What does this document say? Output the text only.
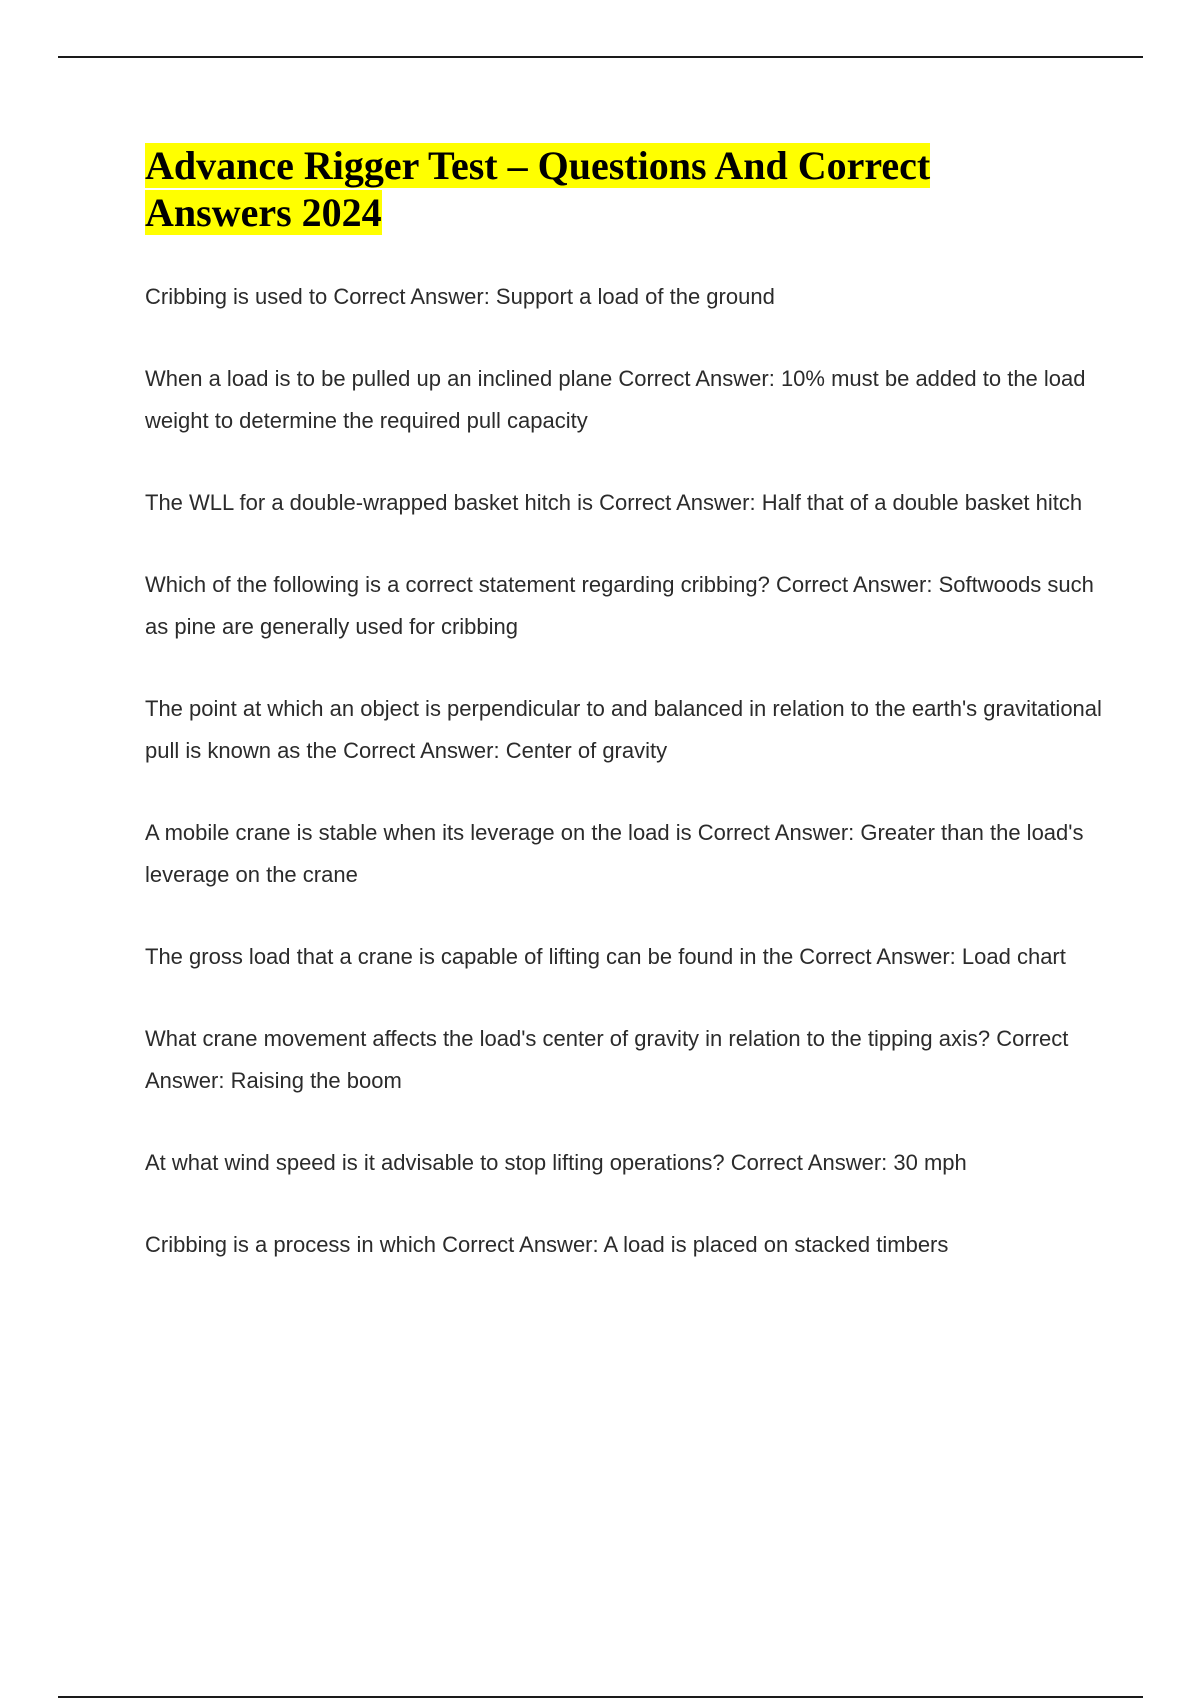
Advance Rigger Test – Questions And Correct Answers 2024

Cribbing is used to Correct Answer: Support a load of the ground

When a load is to be pulled up an inclined plane Correct Answer: 10% must be added to the load weight to determine the required pull capacity

The WLL for a double-wrapped basket hitch is Correct Answer: Half that of a double basket hitch

Which of the following is a correct statement regarding cribbing? Correct Answer: Softwoods such as pine are generally used for cribbing

The point at which an object is perpendicular to and balanced in relation to the earth's gravitational pull is known as the Correct Answer: Center of gravity

A mobile crane is stable when its leverage on the load is Correct Answer: Greater than the load's leverage on the crane

The gross load that a crane is capable of lifting can be found in the Correct Answer: Load chart

What crane movement affects the load's center of gravity in relation to the tipping axis? Correct Answer: Raising the boom

At what wind speed is it advisable to stop lifting operations? Correct Answer: 30 mph

Cribbing is a process in which Correct Answer: A load is placed on stacked timbers
